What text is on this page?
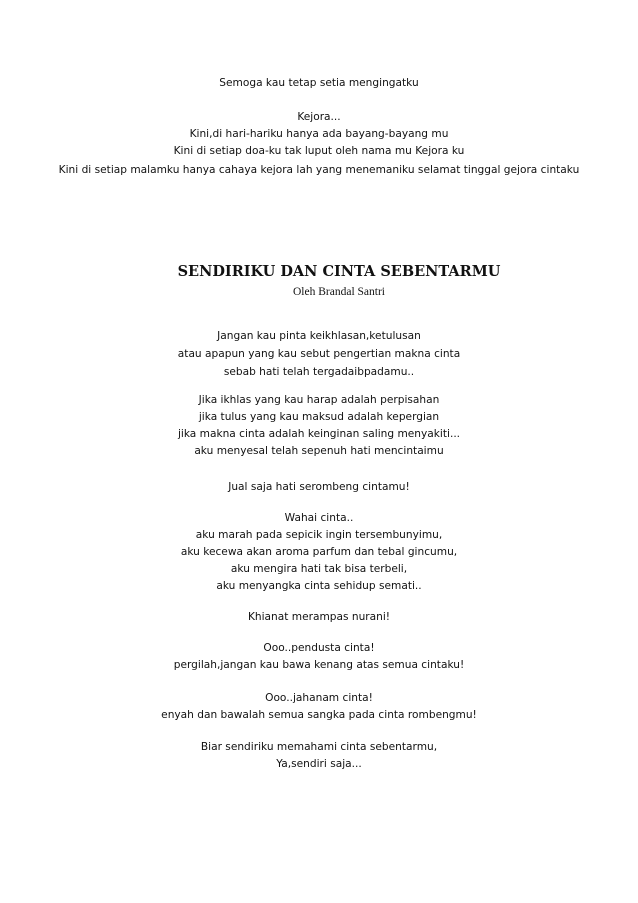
Semoga kau tetap setia mengingatku
Kejora...
Kini,di hari-hariku hanya ada bayang-bayang mu
Kini di setiap doa-ku tak luput oleh nama mu Kejora ku
Kini di setiap malamku hanya cahaya kejora lah yang menemaniku selamat tinggal gejora cintaku
SENDIRIKU DAN CINTA SEBENTARMU
Oleh Brandal Santri
Jangan kau pinta keikhlasan,ketulusan
atau apapun yang kau sebut pengertian makna cinta
sebab hati telah tergadaibpadamu..
Jika ikhlas yang kau harap adalah perpisahan
jika tulus yang kau maksud adalah kepergian
jika makna cinta adalah keinginan saling menyakiti...
aku menyesal telah sepenuh hati mencintaimu
Jual saja hati serombeng cintamu!
Wahai cinta..
aku marah pada sepicik ingin tersembunyimu,
aku kecewa akan aroma parfum dan tebal gincumu,
aku mengira hati tak bisa terbeli,
aku menyangka cinta sehidup semati..
Khianat merampas nurani!
Ooo..pendusta cinta!
pergilah,jangan kau bawa kenang atas semua cintaku!
Ooo..jahanam cinta!
enyah dan bawalah semua sangka pada cinta rombengmu!
Biar sendiriku memahami cinta sebentarmu,
Ya,sendiri saja...
